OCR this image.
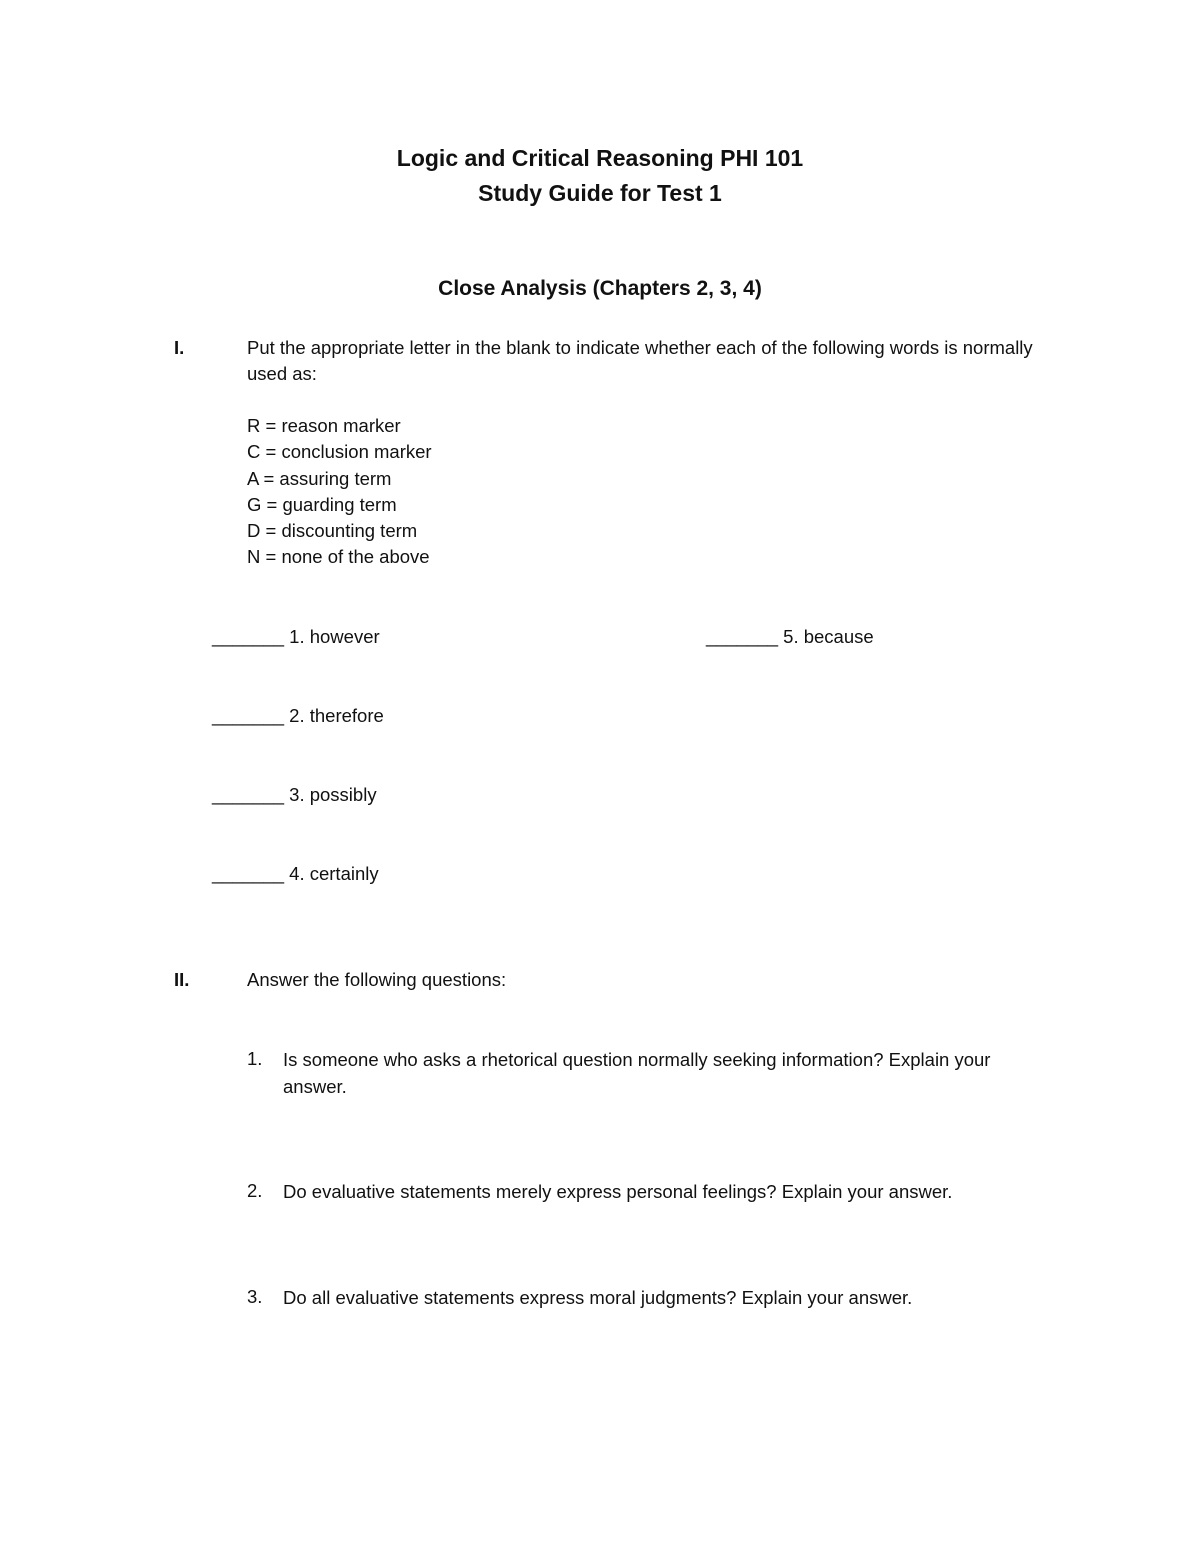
Logic and Critical Reasoning PHI 101
Study Guide for Test 1
Close Analysis (Chapters 2, 3, 4)
I.	Put the appropriate letter in the blank to indicate whether each of the following words is normally used as:
R = reason marker
C = conclusion marker
A = assuring term
G = guarding term
D = discounting term
N = none of the above
_______ 1. however	_______ 5. because
_______ 2. therefore
_______ 3. possibly
_______ 4. certainly
II.	Answer the following questions:
1. Is someone who asks a rhetorical question normally seeking information? Explain your answer.
2. Do evaluative statements merely express personal feelings? Explain your answer.
3. Do all evaluative statements express moral judgments? Explain your answer.
